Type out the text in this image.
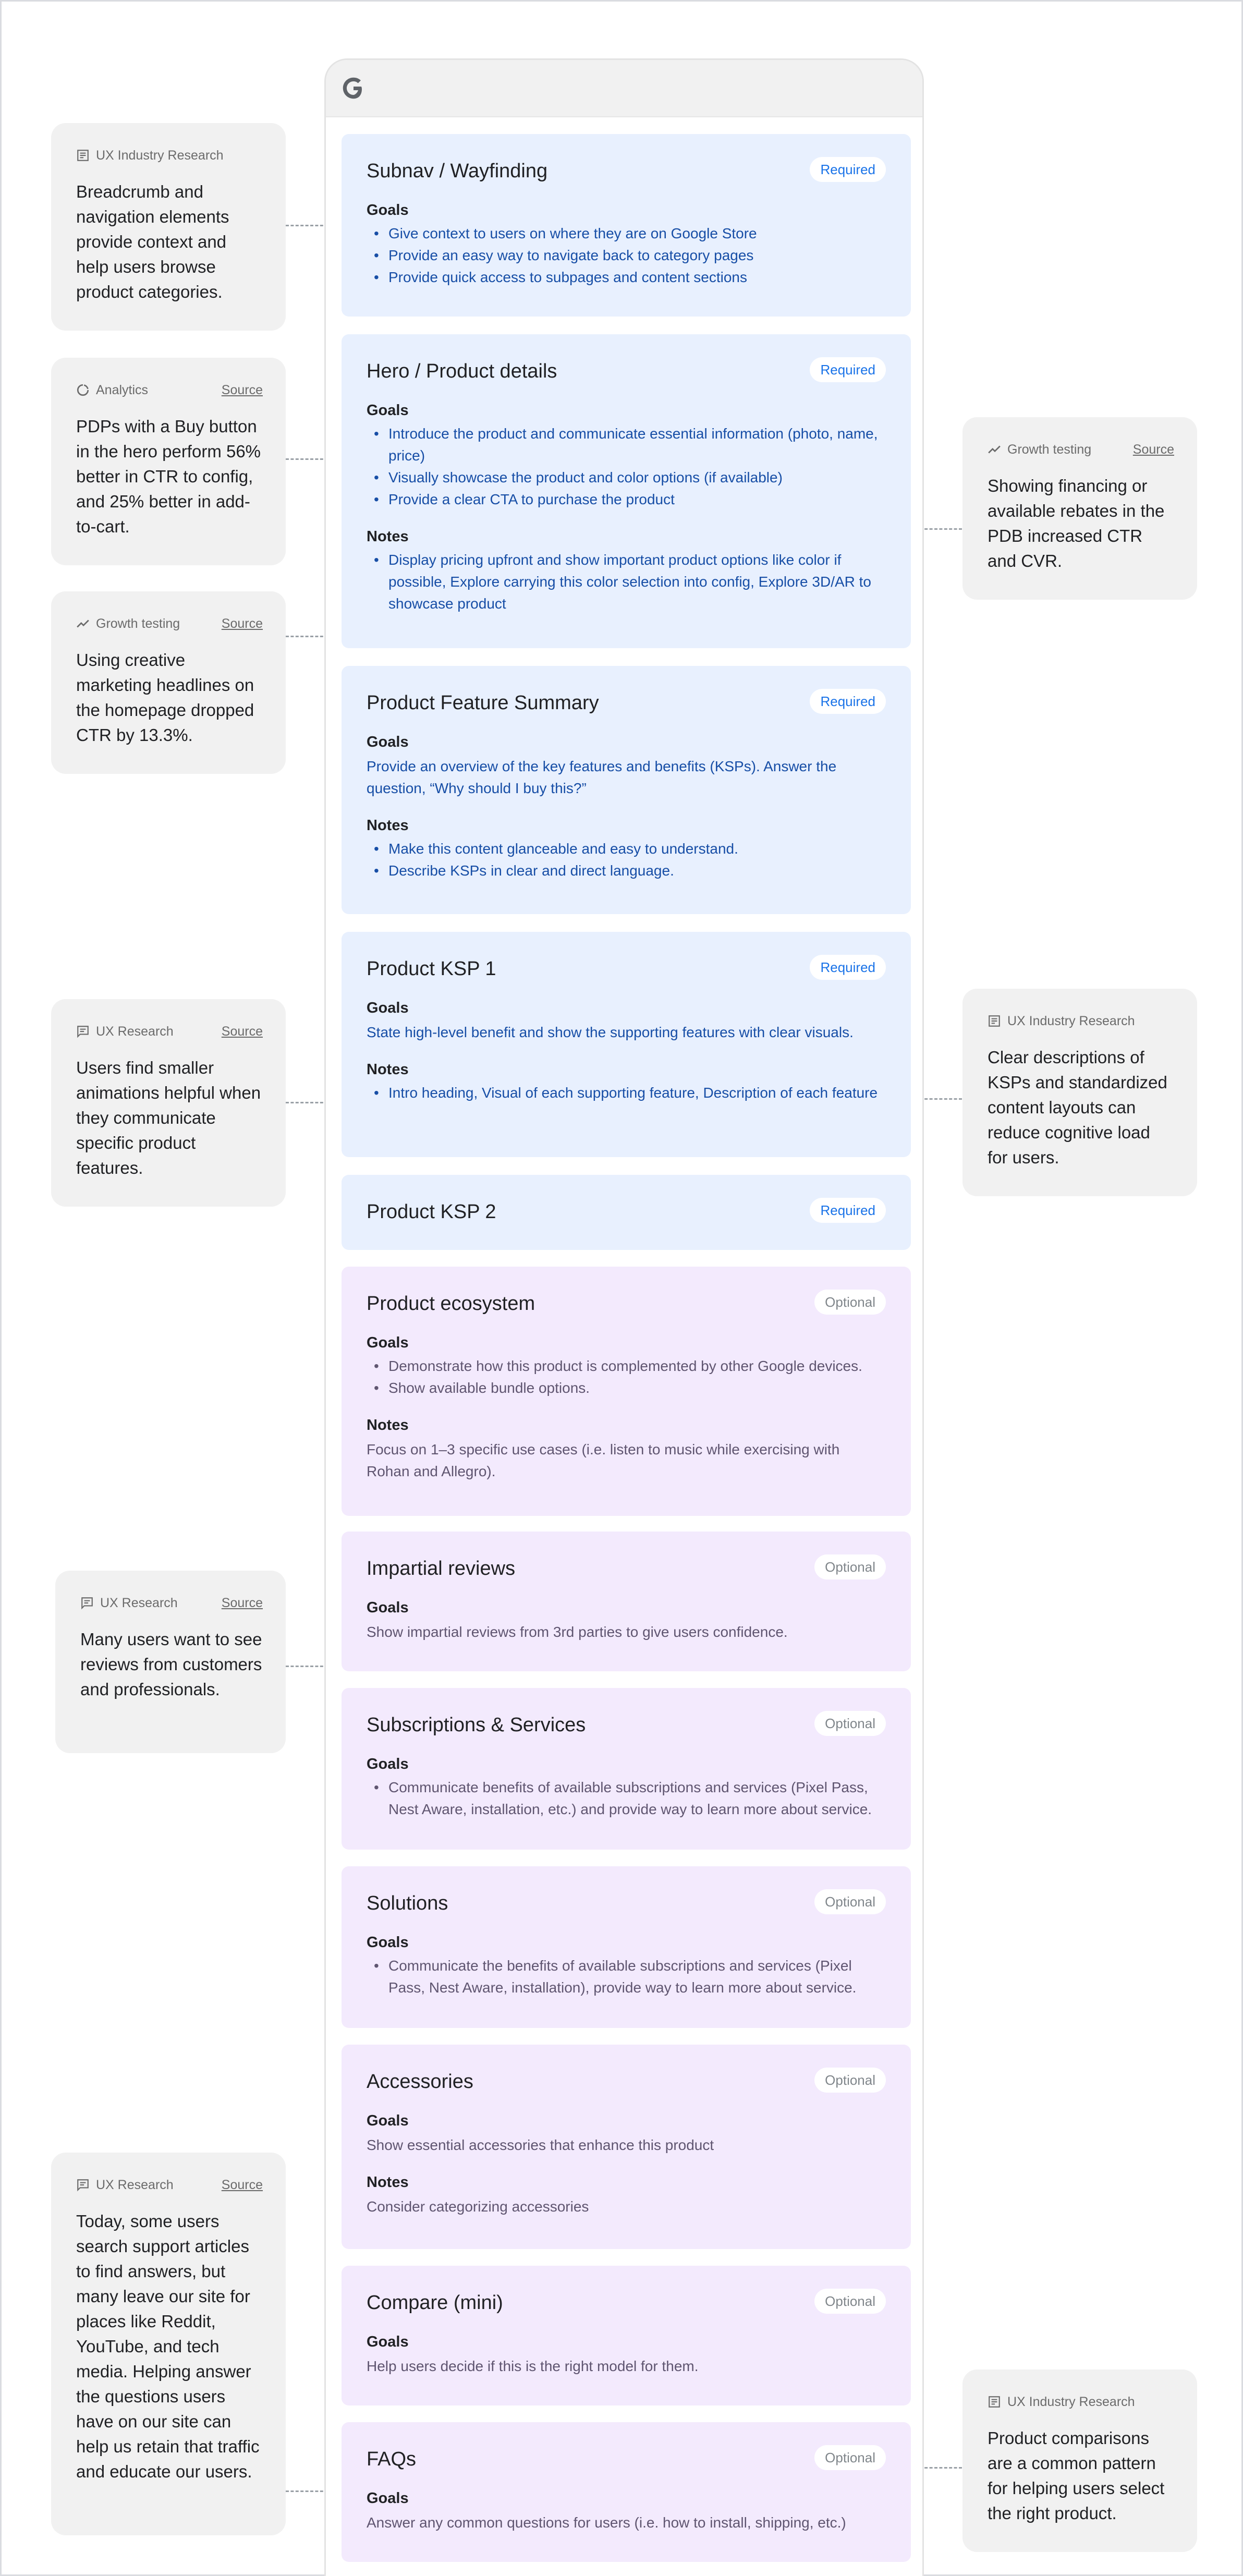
Subnav / Wayfinding	Required
Goals
• Give context to users on where they are on Google Store
• Provide an easy way to navigate back to category pages
• Provide quick access to subpages and content sections
Hero / Product details	Required
Goals
• Introduce the product and communicate essential information (photo, name, price)
• Visually showcase the product and color options (if available)
• Provide a clear CTA to purchase the product
Notes
• Display pricing upfront and show important product options like color if possible, Explore carrying this color selection into config, Explore 3D/AR to showcase product
Product Feature Summary	Required
Goals
Provide an overview of the key features and benefits (KSPs). Answer the question, “Why should I buy this?”
Notes
• Make this content glanceable and easy to understand.
• Describe KSPs in clear and direct language.
Product KSP 1	Required
Goals
State high-level benefit and show the supporting features with clear visuals.
Notes
• Intro heading, Visual of each supporting feature, Description of each feature
Product KSP 2	Required
Product ecosystem	Optional
Goals
• Demonstrate how this product is complemented by other Google devices.
• Show available bundle options.
Notes
Focus on 1–3 specific use cases (i.e. listen to music while exercising with Rohan and Allegro).
Impartial reviews	Optional
Goals
Show impartial reviews from 3rd parties to give users confidence.
Subscriptions & Services	Optional
Goals
• Communicate benefits of available subscriptions and services (Pixel Pass, Nest Aware, installation, etc.) and provide way to learn more about service.
Solutions	Optional
Goals
• Communicate the benefits of available subscriptions and services (Pixel Pass, Nest Aware, installation), provide way to learn more about service.
Accessories	Optional
Goals
Show essential accessories that enhance this product
Notes
Consider categorizing accessories
Compare (mini)	Optional
Goals
Help users decide if this is the right model for them.
FAQs	Optional
Goals
Answer any common questions for users (i.e. how to install, shipping, etc.)
UX Industry Research
Breadcrumb and navigation elements provide context and help users browse product categories.
Analytics	Source
PDPs with a Buy button in the hero perform 56% better in CTR to config, and 25% better in add-to-cart.
Growth testing	Source
Using creative marketing headlines on the homepage dropped CTR by 13.3%.
UX Research	Source
Users find smaller animations helpful when they communicate specific product features.
UX Research	Source
Many users want to see reviews from customers and professionals.
UX Research	Source
Today, some users search support articles to find answers, but many leave our site for places like Reddit, YouTube, and tech media. Helping answer the questions users have on our site can help us retain that traffic and educate our users.
Growth testing	Source
Showing financing or available rebates in the PDB increased CTR and CVR.
UX Industry Research
Clear descriptions of KSPs and standardized content layouts can reduce cognitive load for users.
UX Industry Research
Product comparisons are a common pattern for helping users select the right product.
